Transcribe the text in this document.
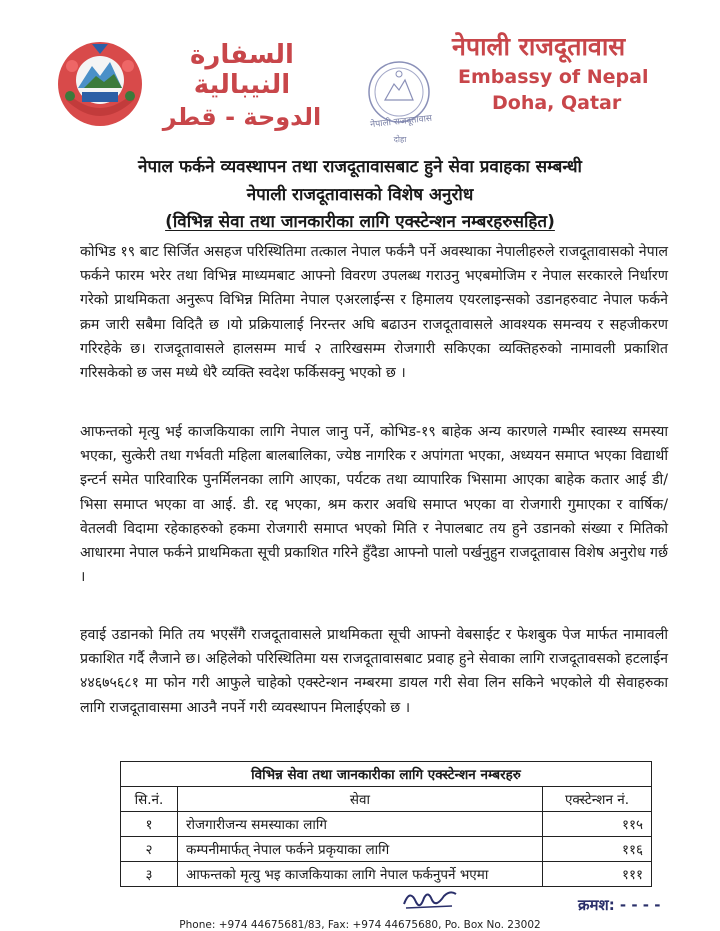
السفارة النيبالية
الدوحة - قطر	नेपाली राजदूतावास
दोहा
नेपाली राजदूतावास
Embassy of Nepal
Doha, Qatar
नेपाल फर्कने व्यवस्थापन तथा राजदूतावासबाट हुने सेवा प्रवाहका सम्बन्धी
नेपाली राजदूतावासको विशेष अनुरोध
(विभिन्न सेवा तथा जानकारीका लागि एक्स्टेन्शन नम्बरहरुसहित)
कोभिड १९ बाट सिर्जित असहज परिस्थितिमा तत्काल नेपाल फर्कनै पर्ने अवस्थाका नेपालीहरुले राजदूतावासको नेपाल फर्कने फारम भरेर तथा विभिन्न माध्यमबाट आफ्नो विवरण उपलब्ध गराउनु भएबमोजिम र नेपाल सरकारले निर्धारण गरेको प्राथमिकता अनुरूप विभिन्न मितिमा नेपाल एअरलाईन्स र हिमालय एयरलाइन्सको उडानहरुवाट नेपाल फर्कने क्रम जारी सबैमा विदितै छ ।यो प्रक्रियालाई निरन्तर अघि बढाउन राजदूतावासले आवश्यक समन्वय र सहजीकरण गरिरहेके छ। राजदूतावासले हालसम्म मार्च २ तारिखसम्म रोजगारी सकिएका व्यक्तिहरुको नामावली प्रकाशित गरिसकेको छ जस मध्ये धेरै व्यक्ति स्वदेश फर्किसक्नु भएको छ ।
आफन्तको मृत्यु भई काजकियाका लागि नेपाल जानु पर्ने, कोभिड-१९ बाहेक अन्य कारणले गम्भीर स्वास्थ्य समस्या भएका, सुत्केरी तथा गर्भवती महिला बालबालिका, ज्येष्ठ नागरिक र अपांगता भएका, अध्ययन समाप्त भएका विद्यार्थी इन्टर्न समेत पारिवारिक पुनर्मिलनका लागि आएका, पर्यटक तथा व्यापारिक भिसामा आएका बाहेक कतार आई डी/भिसा समाप्त भएका वा आई. डी. रद्द भएका, श्रम करार अवधि समाप्त भएका वा रोजगारी गुमाएका र वार्षिक/वेतलवी विदामा रहेकाहरुको हकमा रोजगारी समाप्त भएको मिति र नेपालबाट तय हुने उडानको संख्या र मितिको आधारमा नेपाल फर्कने प्राथमिकता सूची प्रकाशित गरिने हुँदैडा आफ्नो पालो पर्खनुहुन राजदूतावास विशेष अनुरोध गर्छ ।
हवाई उडानको मिति तय भएसँगै राजदूतावासले प्राथमिकता सूची आफ्नो वेबसाईट र फेशबुक पेज मार्फत नामावली प्रकाशित गर्दै लैजाने छ। अहिलेको परिस्थितिमा यस राजदूतावासबाट प्रवाह हुने सेवाका लागि राजदूतावसको हटलाईन ४४६७५६८१ मा फोन गरी आफुले चाहेको एक्स्टेन्शन नम्बरमा डायल गरी सेवा लिन सकिने भएकोले यी सेवाहरुका लागि राजदूतावासमा आउनै नपर्ने गरी व्यवस्थापन मिलाईएको छ ।
विभिन्न सेवा तथा जानकारीका लागि एक्स्टेन्शन नम्बरहरु		
सि.नं.	सेवा	एक्स्टेन्शन नं.
१	रोजगारीजन्य समस्याका लागि	११५
२	कम्पनीमार्फत् नेपाल फर्कने प्रकृयाका लागि	११६
३	आफन्तको मृत्यु भइ काजकियाका लागि नेपाल फर्कनुपर्ने भएमा	१११
क्रमश: - - - -
Phone: +974 44675681/83, Fax: +974 44675680, Po. Box No. 23002
